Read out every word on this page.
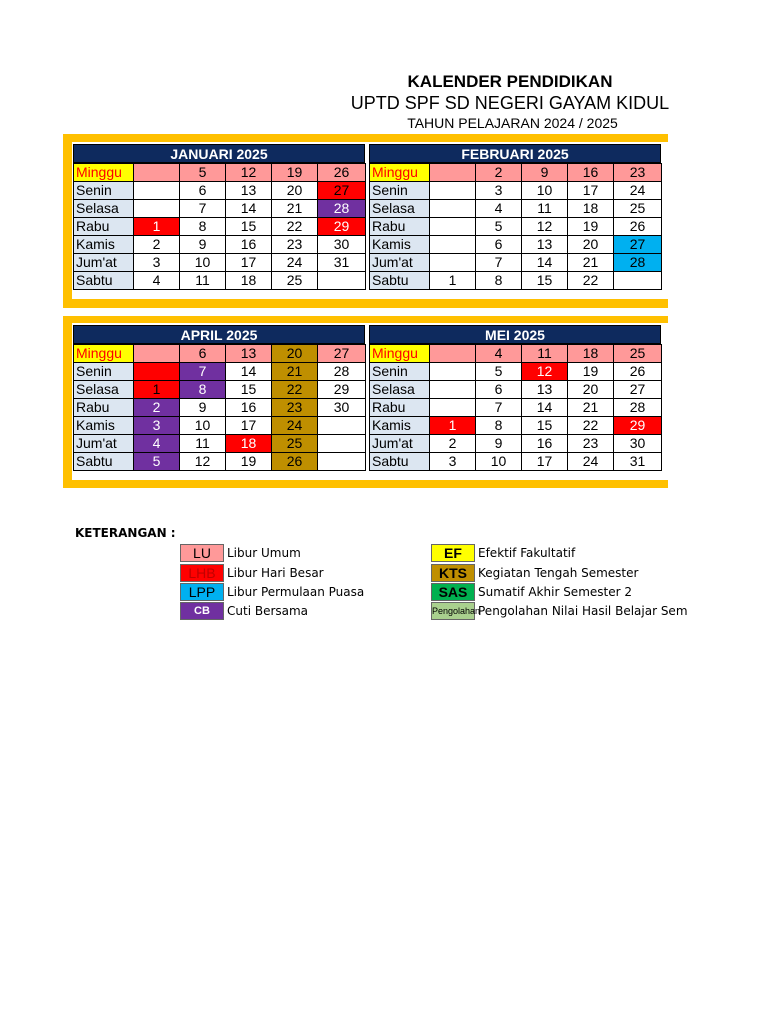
KALENDER PENDIDIKAN
UPTD SPF SD NEGERI GAYAM KIDUL
TAHUN PELAJARAN 2024 / 2025
JANUARI 2025
Minggu		5	12	19	26
Senin		6	13	20	27
Selasa		7	14	21	28
Rabu	1	8	15	22	29
Kamis	2	9	16	23	30
Jum'at	3	10	17	24	31
Sabtu	4	11	18	25	
FEBRUARI 2025
Minggu		2	9	16	23
Senin		3	10	17	24
Selasa		4	11	18	25
Rabu		5	12	19	26
Kamis		6	13	20	27
Jum'at		7	14	21	28
Sabtu	1	8	15	22	
APRIL 2025
Minggu		6	13	20	27
Senin		7	14	21	28
Selasa	1	8	15	22	29
Rabu	2	9	16	23	30
Kamis	3	10	17	24	
Jum'at	4	11	18	25	
Sabtu	5	12	19	26	
MEI 2025
Minggu		4	11	18	25
Senin		5	12	19	26
Selasa		6	13	20	27
Rabu		7	14	21	28
Kamis	1	8	15	22	29
Jum'at	2	9	16	23	30
Sabtu	3	10	17	24	31
KETERANGAN :
LU	Libur Umum
LHB Libur Hari Besar
LPP Libur Permulaan Puasa
CB	Cuti Bersama
EF	Efektif Fakultatif
KTS Kegiatan Tengah Semester
SAS Sumatif Akhir Semester 2
Pengolahan
Pengolahan Nilai Hasil Belajar Sem
